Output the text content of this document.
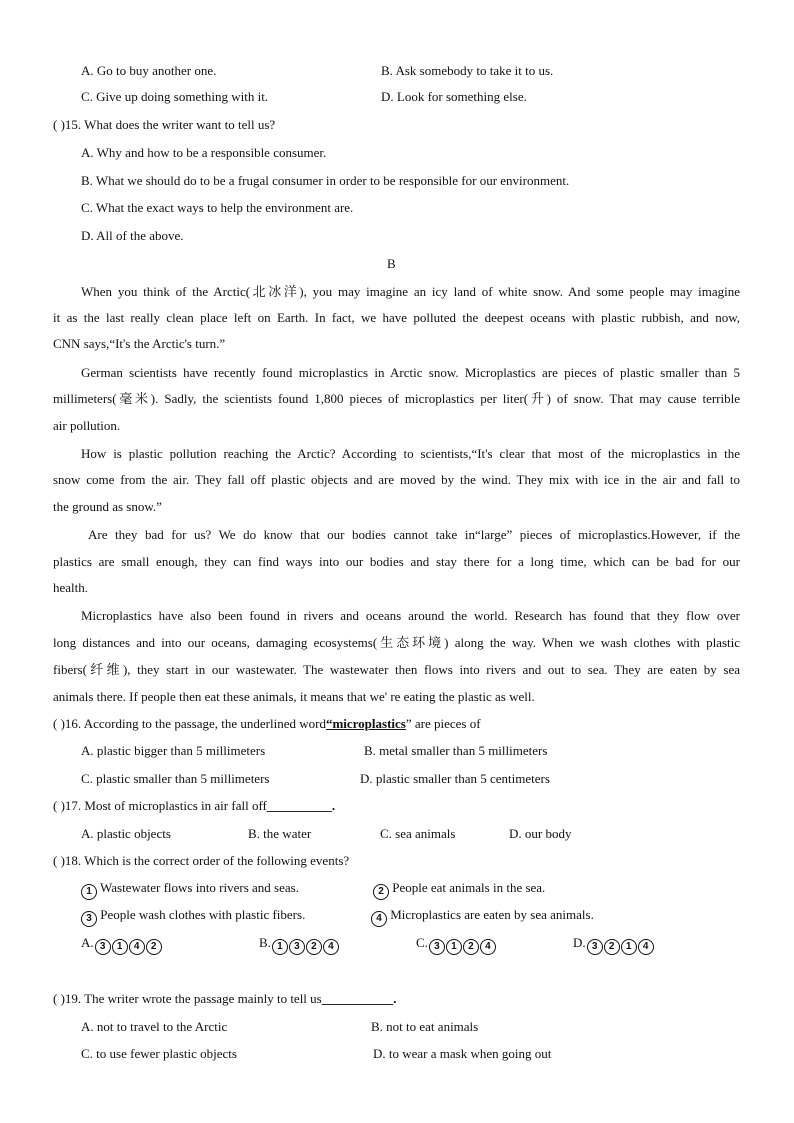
A. Go to buy another one.	B. Ask somebody to take it to us.
C. Give up doing something with it.	D. Look for something else.
( )15. What does the writer want to tell us?
A. Why and how to be a responsible consumer.
B. What we should do to be a frugal consumer in order to be responsible for our environment.
C. What the exact ways to help the environment are.
D. All of the above.
B
When you think of the Arctic(北冰洋), you may imagine an icy land of white snow. And some people may imagine
it as the last really clean place left on Earth. In fact, we have polluted the deepest oceans with plastic rubbish, and now,
CNN says,“It's the Arctic's turn.”
German scientists have recently found microplastics in Arctic snow. Microplastics are pieces of plastic smaller than 5
millimeters(毫米). Sadly, the scientists found 1,800 pieces of microplastics per liter(升) of snow. That may cause terrible
air pollution.
How is plastic pollution reaching the Arctic? According to scientists,“It's clear that most of the microplastics in the
snow come from the air. They fall off plastic objects and are moved by the wind. They mix with ice in the air and fall to
the ground as snow.”
Are they bad for us? We do know that our bodies cannot take in“large” pieces of microplastics.However, if the
plastics are small enough, they can find ways into our bodies and stay there for a long time, which can be bad for our
health.
Microplastics have also been found in rivers and oceans around the world. Research has found that they flow over
long distances and into our oceans, damaging ecosystems(生态环境) along the way. When we wash clothes with plastic
fibers(纤维), they start in our wastewater. The wastewater then flows into rivers and out to sea. They are eaten by sea
animals there. If people then eat these animals, it means that we' re eating the plastic as well.
( )16. According to the passage, the underlined word“microplastics” are pieces of
A. plastic bigger than 5 millimeters	B. metal smaller than 5 millimeters
C. plastic smaller than 5 millimeters	D. plastic smaller than 5 centimeters
( )17. Most of microplastics in air fall off__________.
A. plastic objects	B. the water	C. sea animals	D. our body
( )18. Which is the correct order of the following events?
1 Wastewater flows into rivers and seas.	2 People eat animals in the sea.
3 People wash clothes with plastic fibers.	4 Microplastics are eaten by sea animals.
A. 3 1 4 2	B. 1 3 2 4	C. 3 1 2 4	D. 3 2 1 4
( )19. The writer wrote the passage mainly to tell us___________.
A. not to travel to the Arctic	B. not to eat animals
C. to use fewer plastic objects	D. to wear a mask when going out
